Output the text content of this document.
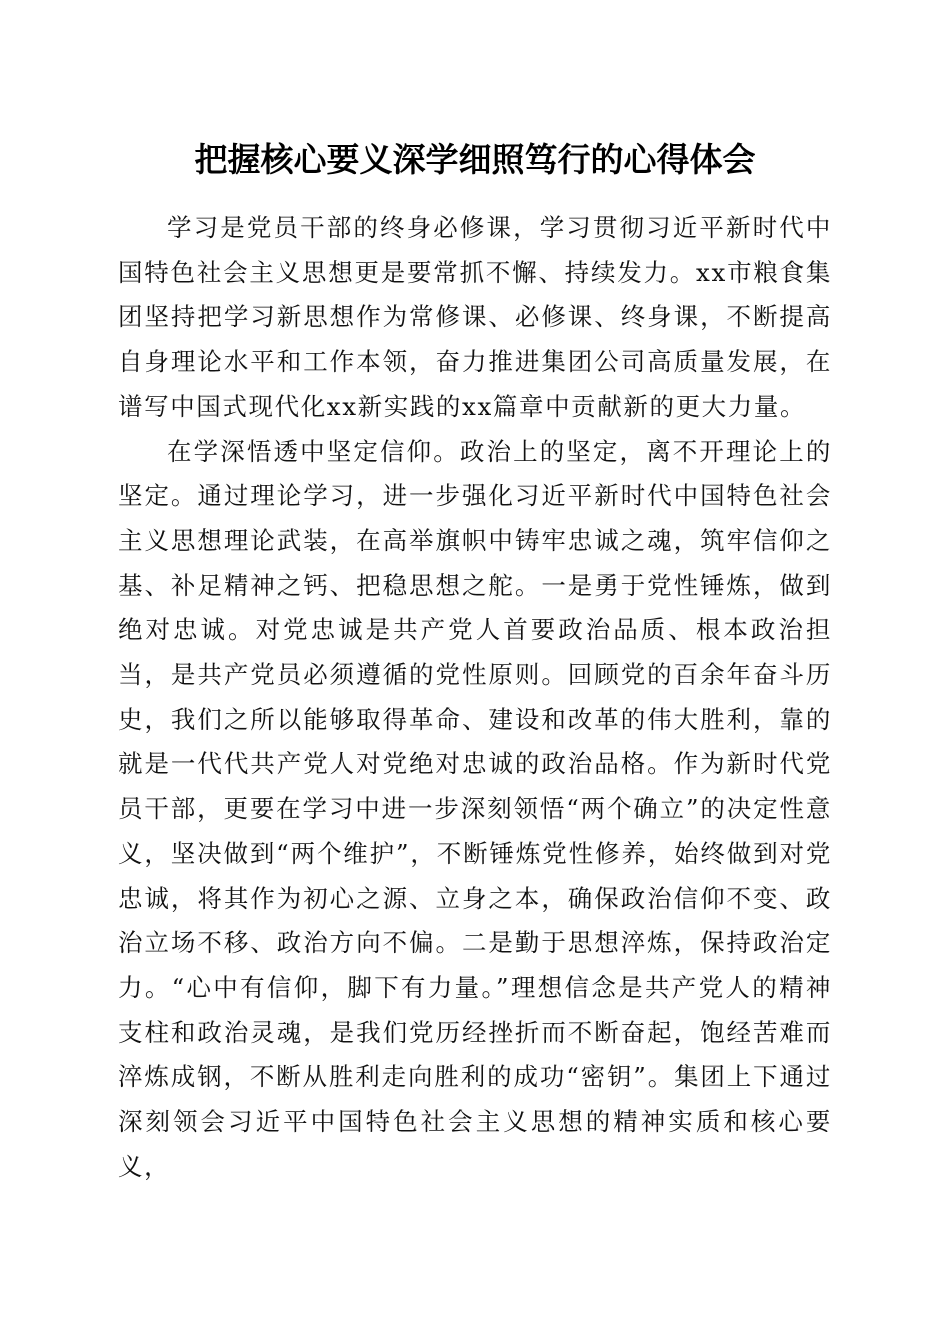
把握核心要义深学细照笃行的心得体会

学习是党员干部的终身必修课，学习贯彻习近平新时代中国特色社会主义思想更是要常抓不懈、持续发力。xx市粮食集团坚持把学习新思想作为常修课、必修课、终身课，不断提高自身理论水平和工作本领，奋力推进集团公司高质量发展，在谱写中国式现代化xx新实践的xx篇章中贡献新的更大力量。

在学深悟透中坚定信仰。政治上的坚定，离不开理论上的坚定。通过理论学习，进一步强化习近平新时代中国特色社会主义思想理论武装，在高举旗帜中铸牢忠诚之魂，筑牢信仰之基、补足精神之钙、把稳思想之舵。一是勇于党性锤炼，做到绝对忠诚。对党忠诚是共产党人首要政治品质、根本政治担当，是共产党员必须遵循的党性原则。回顾党的百余年奋斗历史，我们之所以能够取得革命、建设和改革的伟大胜利，靠的就是一代代共产党人对党绝对忠诚的政治品格。作为新时代党员干部，更要在学习中进一步深刻领悟“两个确立”的决定性意义，坚决做到“两个维护”，不断锤炼党性修养，始终做到对党忠诚，将其作为初心之源、立身之本，确保政治信仰不变、政治立场不移、政治方向不偏。二是勤于思想淬炼，保持政治定力。“心中有信仰，脚下有力量。”理想信念是共产党人的精神支柱和政治灵魂，是我们党历经挫折而不断奋起，饱经苦难而淬炼成钢，不断从胜利走向胜利的成功“密钥”。集团上下通过深刻领会习近平中国特色社会主义思想的精神实质和核心要义，
